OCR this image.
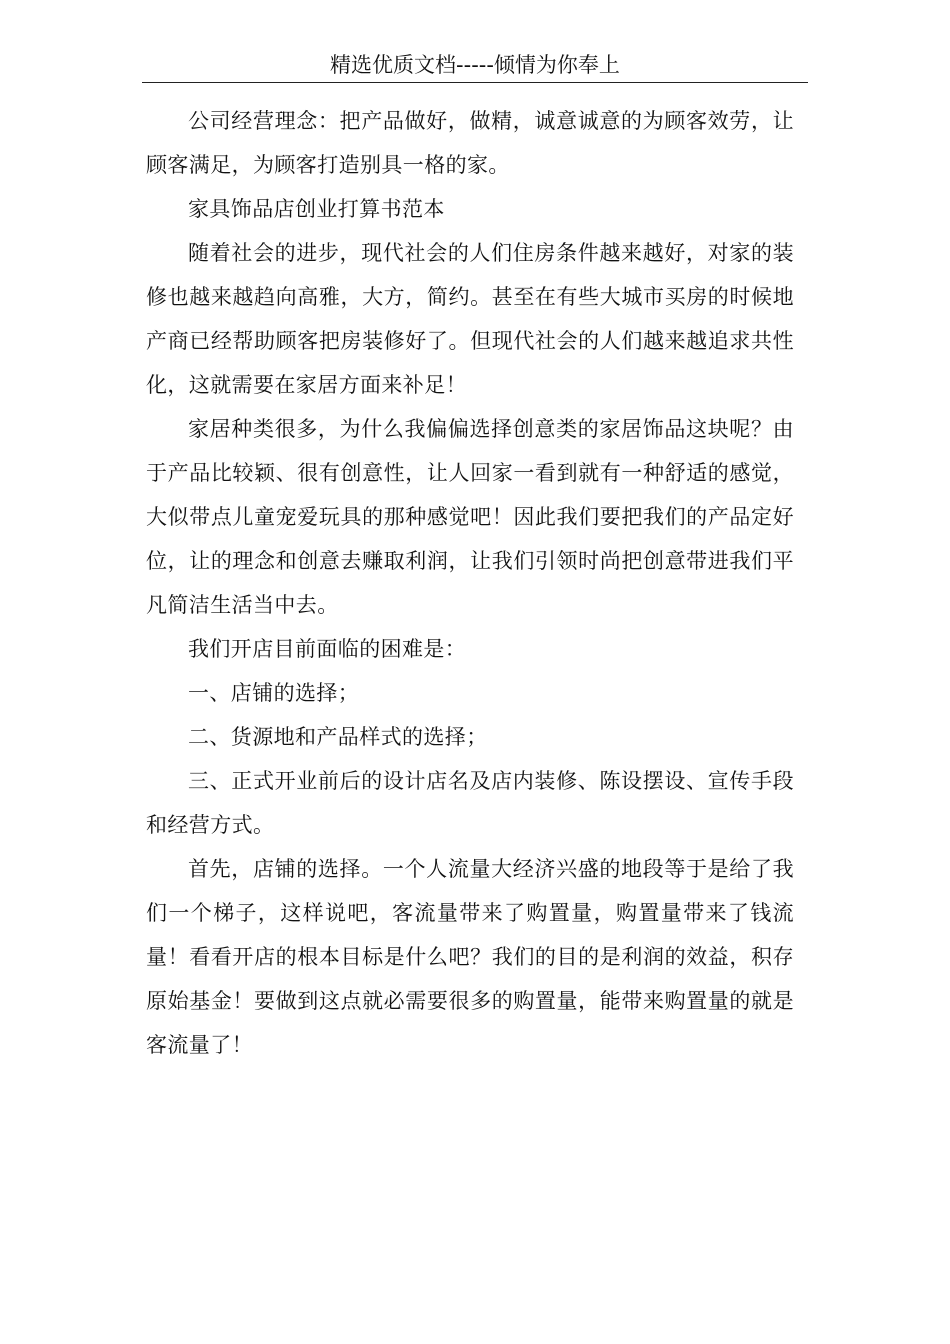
精选优质文档-----倾情为你奉上

公司经营理念：把产品做好，做精，诚意诚意的为顾客效劳，让顾客满足，为顾客打造别具一格的家。

家具饰品店创业打算书范本

随着社会的进步，现代社会的人们住房条件越来越好，对家的装修也越来越趋向高雅，大方，简约。甚至在有些大城市买房的时候地产商已经帮助顾客把房装修好了。但现代社会的人们越来越追求共性化，这就需要在家居方面来补足！

家居种类很多，为什么我偏偏选择创意类的家居饰品这块呢？由于产品比较颖、很有创意性，让人回家一看到就有一种舒适的感觉，大似带点儿童宠爱玩具的那种感觉吧！因此我们要把我们的产品定好位，让的理念和创意去赚取利润，让我们引领时尚把创意带进我们平凡简洁生活当中去。

我们开店目前面临的困难是：

一、店铺的选择；

二、货源地和产品样式的选择；

三、正式开业前后的设计店名及店内装修、陈设摆设、宣传手段和经营方式。

首先，店铺的选择。一个人流量大经济兴盛的地段等于是给了我们一个梯子，这样说吧，客流量带来了购置量，购置量带来了钱流量！看看开店的根本目标是什么吧？我们的目的是利润的效益，积存原始基金！要做到这点就必需要很多的购置量，能带来购置量的就是客流量了！
